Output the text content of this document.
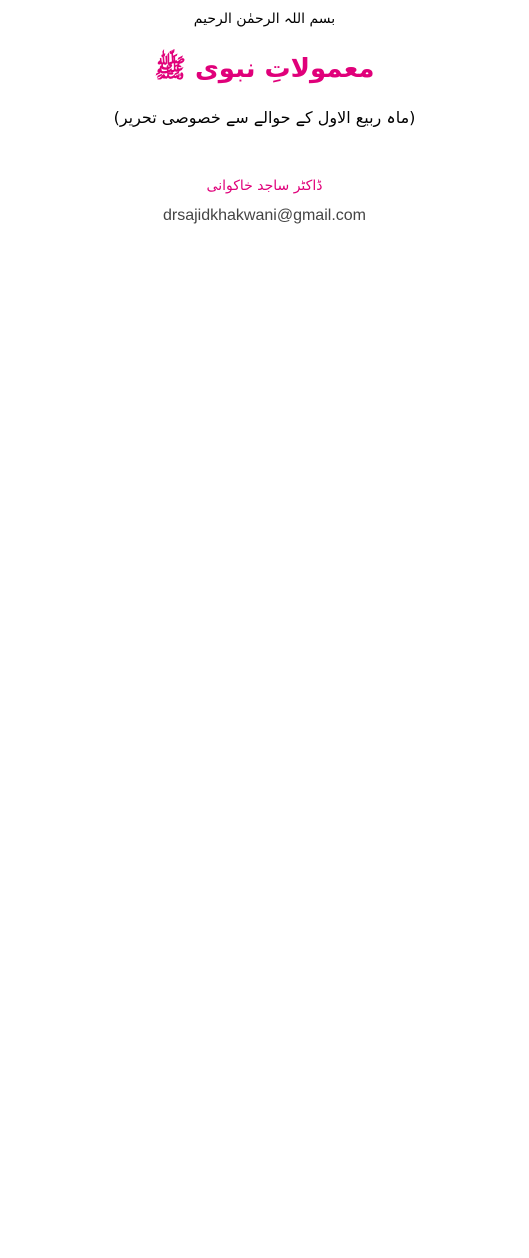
بسم اللہ الرحمٰن الرحیم
معمولاتِ نبوی ﷺ
(ماہ ربیع الاول کے حوالے سے خصوصی تحریر)
ڈاکٹر ساجد خاکوانی
drsajidkhakwani@gmail.com
